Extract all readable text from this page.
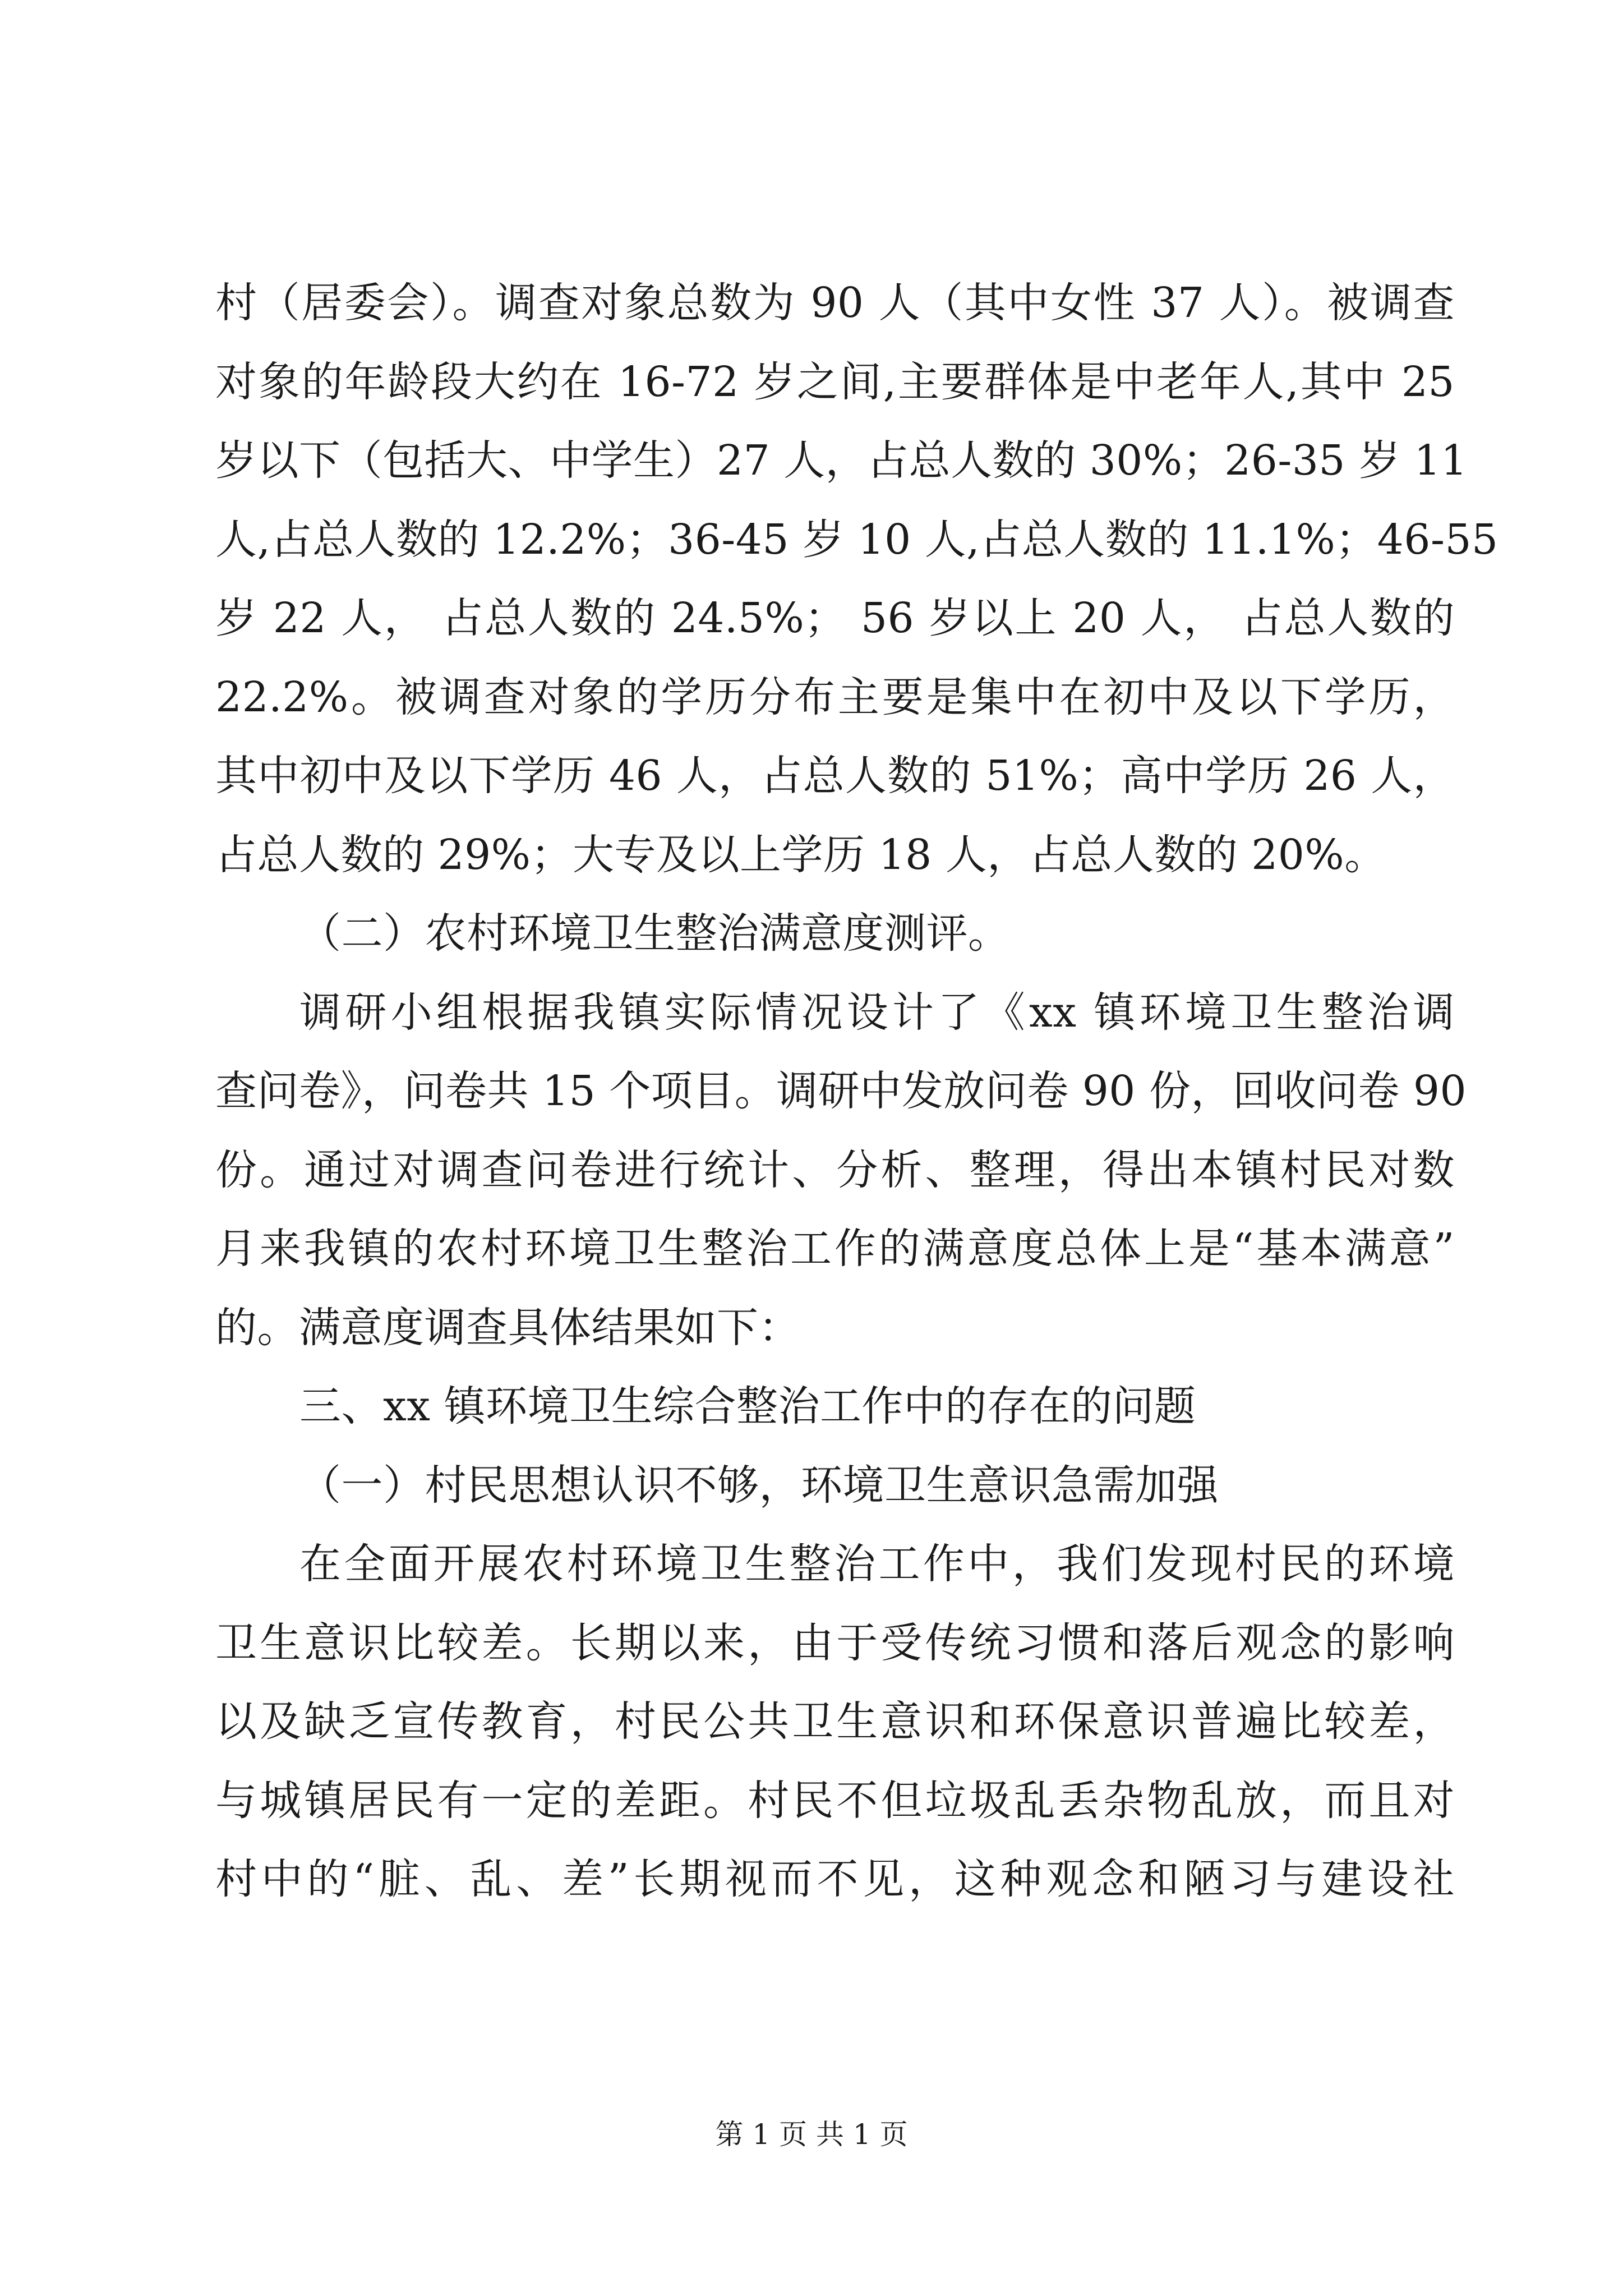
村（居委会）。调查对象总数为 90 人（其中女性 37 人）。被调查
对象的年龄段大约在 16-72 岁之间,主要群体是中老年人,其中 25
岁以下（包括大、中学生）27 人，占总人数的 30%；26-35 岁 11
人,占总人数的 12.2%；36-45 岁 10 人,占总人数的 11.1%；46-55
岁 22 人， 占总人数的 24.5%； 56 岁以上 20 人， 占总人数的
22.2%。被调查对象的学历分布主要是集中在初中及以下学历，
其中初中及以下学历 46 人，占总人数的 51%；高中学历 26 人，
占总人数的 29%；大专及以上学历 18 人，占总人数的 20%。
（二）农村环境卫生整治满意度测评。
调研小组根据我镇实际情况设计了《xx 镇环境卫生整治调
查问卷》，问卷共 15 个项目。调研中发放问卷 90 份，回收问卷 90
份。通过对调查问卷进行统计、分析、整理，得出本镇村民对数
月来我镇的农村环境卫生整治工作的满意度总体上是“基本满意”
的。满意度调查具体结果如下：
三、xx 镇环境卫生综合整治工作中的存在的问题
（一）村民思想认识不够，环境卫生意识急需加强
在全面开展农村环境卫生整治工作中，我们发现村民的环境
卫生意识比较差。长期以来，由于受传统习惯和落后观念的影响
以及缺乏宣传教育，村民公共卫生意识和环保意识普遍比较差，
与城镇居民有一定的差距。村民不但垃圾乱丢杂物乱放，而且对
村中的“脏、乱、差”长期视而不见，这种观念和陋习与建设社
第 1 页 共 1 页
